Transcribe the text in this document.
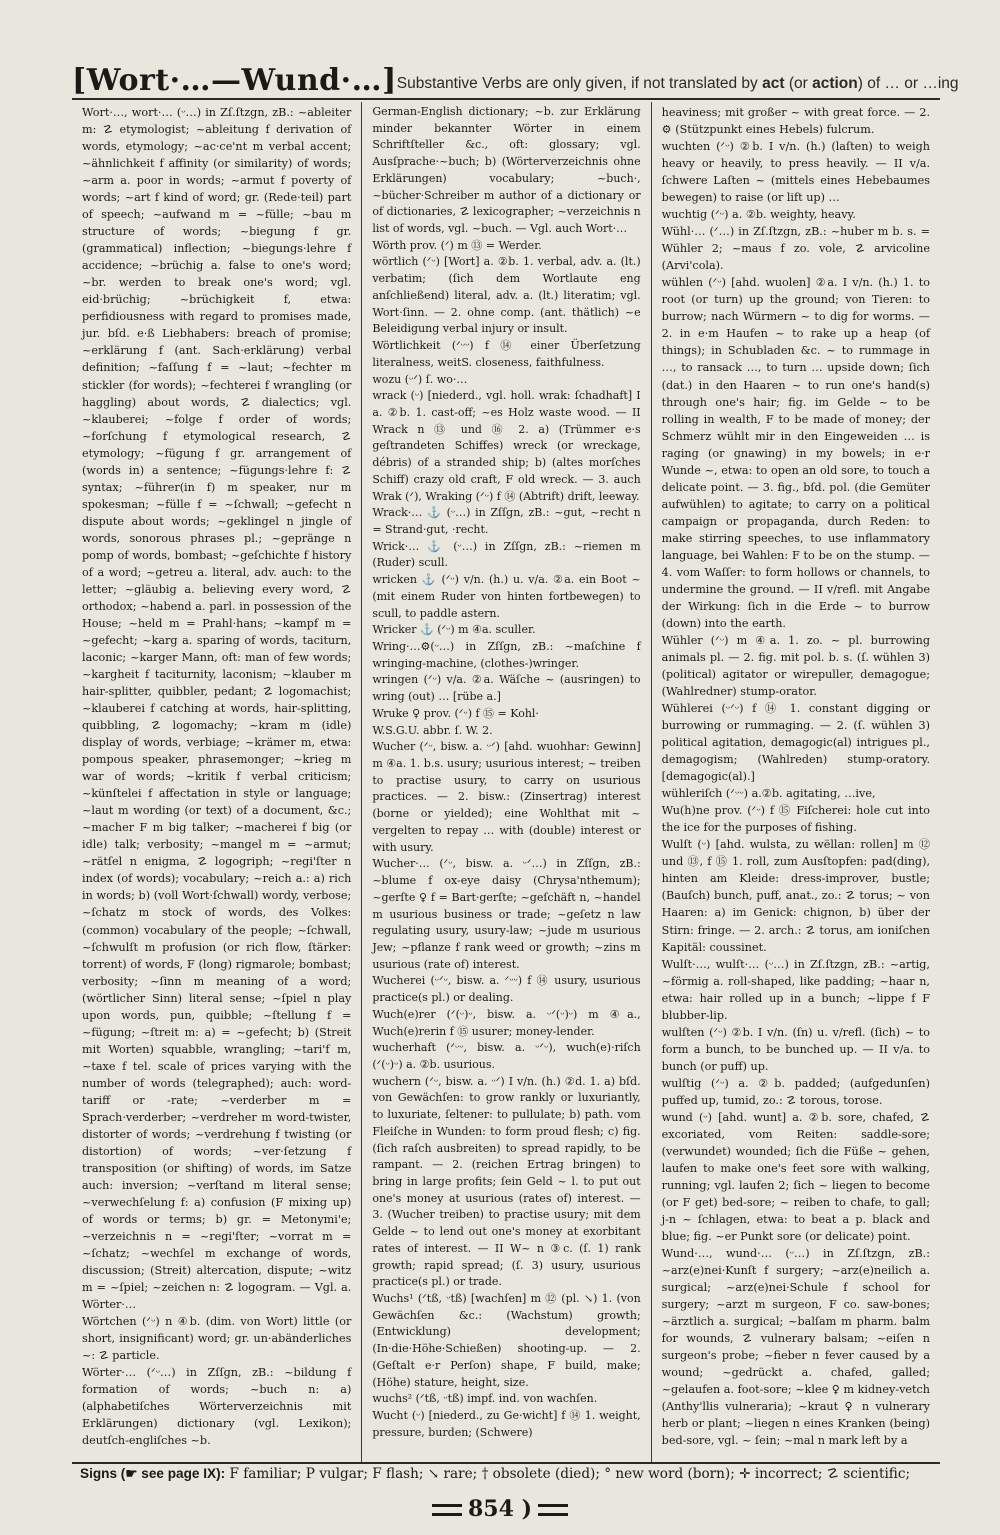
[Wort·…—Wund·…] Substantive Verbs are only given, if not translated by act (or action) of … or …ing

Wort·…, wort·… (ᵕ…) in Zſ.ſtzgn, zB.: ~ableiter m: ☡ etymologist; ~ableitung f derivation of words, etymology; ~ac·ce'nt m verbal accent; ~ähnlichkeit f affinity (or similarity) of words; ~arm a. poor in words; ~armut f poverty of words; ~art f kind of word; gr. (Rede·teil) part of speech; ~aufwand m = ~fülle; ~bau m structure of words; ~biegung f gr. (grammatical) inflection; ~biegungs·lehre f accidence; ~brüchig a. false to one's word; ~br. werden to break one's word; vgl. eid·brüchig; ~brüchigkeit f, etwa: perfidiousness with regard to promises made, jur. bſd. e·ß Liebhabers: breach of promise; ~erklärung f (ant. Sach·erklärung) verbal definition; ~faſſung f = ~laut; ~fechter m stickler (for words); ~fechterei f wrangling (or haggling) about words, ☡ dialectics; vgl. ~klauberei; ~folge f order of words; ~forſchung f etymological research, ☡ etymology; ~fügung f gr. arrangement of (words in) a sentence; ~fügungs·lehre f: ☡ syntax; ~führer(in f) m speaker, nur m spokesman; ~fülle f = ~ſchwall; ~gefecht n dispute about words; ~geklingel n jingle of words, sonorous phrases pl.; ~gepränge n pomp of words, bombast; ~geſchichte f history of a word; ~getreu a. literal, adv. auch: to the letter; ~gläubig a. believing every word, ☡ orthodox; ~habend a. parl. in possession of the House; ~held m = Prahl·hans; ~kampf m = ~gefecht; ~karg a. sparing of words, taciturn, laconic; ~karger Mann, oft: man of few words; ~kargheit f taciturnity, laconism; ~klauber m hair-splitter, quibbler, pedant; ☡ logomachist; ~klauberei f catching at words, hair-splitting, quibbling, ☡ logomachy; ~kram m (idle) display of words, verbiage; ~krämer m, etwa: pompous speaker, phrasemonger; ~krieg m war of words; ~kritik f verbal criticism; ~künſtelei f affectation in style or language; ~laut m wording (or text) of a document, &c.; ~macher F m big talker; ~macherei f big (or idle) talk; verbosity; ~mangel m = ~armut; ~rätſel n enigma, ☡ logogriph; ~regi'ſter n index (of words); vocabulary; ~reich a.: a) rich in words; b) (voll Wort·ſchwall) wordy, verbose; ~ſchatz m stock of words, des Volkes: (common) vocabulary of the people; ~ſchwall, ~ſchwulſt m profusion (or rich flow, ſtärker: torrent) of words, F (long) rigmarole; bombast; verbosity; ~ſinn m meaning of a word; (wörtlicher Sinn) literal sense; ~ſpiel n play upon words, pun, quibble; ~ſtellung f = ~fügung; ~ſtreit m: a) = ~gefecht; b) (Streit mit Worten) squabble, wrangling; ~tari'f m, ~taxe f tel. scale of prices varying with the number of words (telegraphed); auch: word-tariff or -rate; ~verderber m = Sprach·verderber; ~verdreher m word-twister, distorter of words; ~verdrehung f twisting (or distortion) of words; ~ver·ſetzung f transposition (or shifting) of words, im Satze auch: inversion; ~verſtand m literal sense; ~verwechſelung f: a) confusion (F mixing up) of words or terms; b) gr. = Metonymi'e; ~verzeichnis n = ~regi'ſter; ~vorrat m = ~ſchatz; ~wechſel m exchange of words, discussion; (Streit) altercation, dispute; ~witz m = ~ſpiel; ~zeichen n: ☡ logogram. — Vgl. a. Wörter·…

Wörtchen (ᐟᵕ) n ④b. (dim. von Wort) little (or short, insignificant) word; gr. un·abänderliches ~: ☡ particle.

Wörter·… (ᐟᵕ…) in Zſſgn, zB.: ~bildung f formation of words; ~buch n: a) (alphabetiſches Wörterverzeichnis mit Erklärungen) dictionary (vgl. Lexikon); deutſch-engliſches ~b.

German-English dictionary; ~b. zur Erklärung minder bekannter Wörter in einem Schriftſteller &c., oft: glossary; vgl. Ausſprache·~buch; b) (Wörterverzeichnis ohne Erklärungen) vocabulary; ~buch·, ~bücher·Schreiber m author of a dictionary or of dictionaries, ☡ lexicographer; ~verzeichnis n list of words, vgl. ~buch. — Vgl. auch Wort·…

Wörth prov. (ᐟ) m ⑬ = Werder.

wörtlich (ᐟᵕ) [Wort] a. ②b. 1. verbal, adv. a. (lt.) verbatim; (ſich dem Wortlaute eng anſchließend) literal, adv. a. (lt.) literatim; vgl. Wort·ſinn. — 2. ohne comp. (ant. thätlich) ~e Beleidigung verbal injury or insult.

Wörtlichkeit (ᐟᵕᵕ) f ⑭ einer Überſetzung literalness, weitS. closeness, faithfulness.

wozu (ᵕᐟ) ſ. wo·…

wrack (ᵕ) [niederd., vgl. holl. wrak: ſchadhaft] I a. ②b. 1. cast-off; ~es Holz waste wood. — II Wrack n ⑬ und ⑯ 2. a) (Trümmer e·s geſtrandeten Schiffes) wreck (or wreckage, débris) of a stranded ship; b) (altes morſches Schiff) crazy old craft, F old wreck. — 3. auch Wrak (ᐟ), Wraking (ᐟᵕ) f ⑭ (Abtrift) drift, leeway.

Wrack·… ⚓ (ᵕ…) in Zſſgn, zB.: ~gut, ~recht n = Strand·gut, ·recht.

Wrick·… ⚓ (ᵕ…) in Zſſgn, zB.: ~riemen m (Ruder) scull.

wricken ⚓ (ᐟᵕ) v/n. (h.) u. v/a. ②a. ein Boot ~ (mit einem Ruder von hinten fortbewegen) to scull, to paddle astern.

Wricker ⚓ (ᐟᵕ) m ④a. sculler.

Wring·…⚙(ᵕ…) in Zſſgn, zB.: ~maſchine f wringing-machine, (clothes-)wringer.

wringen (ᐟᵕ) v/a. ②a. Wäſche ~ (ausringen) to wring (out) … [rübe a.]

Wruke ♀ prov. (ᐟᵕ) f ⑮ = Kohl·

W.S.G.U. abbr. ſ. W. 2.

Wucher (ᐟᵕ, bisw. a. ᵕᐟ) [ahd. wuohhar: Gewinn] m ④a. 1. b.s. usury; usurious interest; ~ treiben to practise usury, to carry on usurious practices. — 2. bisw.: (Zinsertrag) interest (borne or yielded); eine Wohlthat mit ~ vergelten to repay … with (double) interest or with usury.

Wucher·… (ᐟᵕ, bisw. a. ᵕᐟ…) in Zſſgn, zB.: ~blume f ox-eye daisy (Chrysa'nthemum); ~gerſte ♀ f = Bart·gerſte; ~geſchäft n, ~handel m usurious business or trade; ~geſetz n law regulating usury, usury-law; ~jude m usurious Jew; ~pflanze f rank weed or growth; ~zins m usurious (rate of) interest.

Wucherei (ᵕᐟᵕ, bisw. a. ᐟᵕᵕ) f ⑭ usury, usurious practice(s pl.) or dealing.

Wuch(e)rer (ᐟ(ᵕ)ᵕ, bisw. a. ᵕᐟ(ᵕ)ᵕ) m ④a., Wuch(e)rerin f ⑮ usurer; money-lender.

wucherhaft (ᐟᵕᵕ, bisw. a. ᵕᐟᵕ), wuch(e)·riſch (ᐟ(ᵕ)ᵕ) a. ②b. usurious.

wuchern (ᐟᵕ, bisw. a. ᵕᐟ) I v/n. (h.) ②d. 1. a) bſd. von Gewächſen: to grow rankly or luxuriantly, to luxuriate, ſeltener: to pullulate; b) path. vom Fleiſche in Wunden: to form proud flesh; c) fig. (ſich raſch ausbreiten) to spread rapidly, to be rampant. — 2. (reichen Ertrag bringen) to bring in large profits; ſein Geld ~ l. to put out one's money at usurious (rates of) interest. — 3. (Wucher treiben) to practise usury; mit dem Gelde ~ to lend out one's money at exorbitant rates of interest. — II W~ n ③c. (ſ. 1) rank growth; rapid spread; (ſ. 3) usury, usurious practice(s pl.) or trade.

Wuchs¹ (ᐟtß, ᵕtß) [wachſen] m ⑫ (pl. ↘) 1. (von Gewächſen &c.: (Wachstum) growth; (Entwicklung) development; (In·die·Höhe·Schießen) shooting-up. — 2. (Geſtalt e·r Perſon) shape, F build, make; (Höhe) stature, height, size.

wuchs² (ᐟtß, ᵕtß) impf. ind. von wachſen.

Wucht (ᵕ) [niederd., zu Ge·wicht] f ⑭ 1. weight, pressure, burden; (Schwere)

heaviness; mit großer ~ with great force. — 2. ⚙ (Stützpunkt eines Hebels) fulcrum.

wuchten (ᐟᵕ) ②b. I v/n. (h.) (laſten) to weigh heavy or heavily, to press heavily. — II v/a. ſchwere Laſten ~ (mittels eines Hebebaumes bewegen) to raise (or lift up) …

wuchtig (ᐟᵕ) a. ②b. weighty, heavy.

Wühl·… (ᐟ…) in Zſ.ſtzgn, zB.: ~huber m b. s. = Wühler 2; ~maus f zo. vole, ☡ arvicoline (Arvi'cola).

wühlen (ᐟᵕ) [ahd. wuolen] ②a. I v/n. (h.) 1. to root (or turn) up the ground; von Tieren: to burrow; nach Würmern ~ to dig for worms. — 2. in e·m Haufen ~ to rake up a heap (of things); in Schubladen &c. ~ to rummage in …, to ransack …, to turn … upside down; ſich (dat.) in den Haaren ~ to run one's hand(s) through one's hair; fig. im Gelde ~ to be rolling in wealth, F to be made of money; der Schmerz wühlt mir in den Eingeweiden … is raging (or gnawing) in my bowels; in e·r Wunde ~, etwa: to open an old sore, to touch a delicate point. — 3. fig., bſd. pol. (die Gemüter aufwühlen) to agitate; to carry on a political campaign or propaganda, durch Reden: to make stirring speeches, to use inflammatory language, bei Wahlen: F to be on the stump. — 4. vom Waſſer: to form hollows or channels, to undermine the ground. — II v/refl. mit Angabe der Wirkung: ſich in die Erde ~ to burrow (down) into the earth.

Wühler (ᐟᵕ) m ④a. 1. zo. ~ pl. burrowing animals pl. — 2. fig. mit pol. b. s. (ſ. wühlen 3) (political) agitator or wirepuller, demagogue; (Wahlredner) stump-orator.

Wühlerei (ᵕᐟᵕ) f ⑭ 1. constant digging or burrowing or rummaging. — 2. (ſ. wühlen 3) political agitation, demagogic(al) intrigues pl., demagogism; (Wahlreden) stump-oratory. [demagogic(al).]

wühleriſch (ᐟᵕᵕ) a.②b. agitating, …ive,

Wu(h)ne prov. (ᐟᵕ) f ⑮ Fiſcherei: hole cut into the ice for the purposes of fishing.

Wulſt (ᵕ) [ahd. wulsta, zu wëllan: rollen] m ⑫ und ⑬, f ⑮ 1. roll, zum Ausſtopfen: pad(ding), hinten am Kleide: dress-improver, bustle; (Bauſch) bunch, puff, anat., zo.: ☡ torus; ~ von Haaren: a) im Genick: chignon, b) über der Stirn: fringe. — 2. arch.: ☡ torus, am ioniſchen Kapitäl: coussinet.

Wulſt·…, wulſt·… (ᵕ…) in Zſ.ſtzgn, zB.: ~artig, ~förmig a. roll-shaped, like padding; ~haar n, etwa: hair rolled up in a bunch; ~lippe f F blubber-lip.

wulſten (ᐟᵕ) ②b. I v/n. (ſn) u. v/refl. (ſich) ~ to form a bunch, to be bunched up. — II v/a. to bunch (or puff) up.

wulſtig (ᐟᵕ) a. ②b. padded; (aufgedunſen) puffed up, tumid, zo.: ☡ torous, torose.

wund (ᵕ) [ahd. wunt] a. ②b. sore, chafed, ☡ excoriated, vom Reiten: saddle-sore; (verwundet) wounded; ſich die Füße ~ gehen, laufen to make one's feet sore with walking, running; vgl. laufen 2; ſich ~ liegen to become (or F get) bed-sore; ~ reiben to chafe, to gall; j-n ~ ſchlagen, etwa: to beat a p. black and blue; fig. ~er Punkt sore (or delicate) point.

Wund·…, wund·… (ᵕ…) in Zſ.ſtzgn, zB.: ~arz(e)nei·Kunſt f surgery; ~arz(e)neilich a. surgical; ~arz(e)nei·Schule f school for surgery; ~arzt m surgeon, F co. saw-bones; ~ärztlich a. surgical; ~balſam m pharm. balm for wounds, ☡ vulnerary balsam; ~eiſen n surgeon's probe; ~fieber n fever caused by a wound; ~gedrückt a. chafed, galled; ~gelaufen a. foot-sore; ~klee ♀ m kidney-vetch (Anthy'llis vulneraria); ~kraut ♀ n vulnerary herb or plant; ~liegen n eines Kranken (being) bed-sore, vgl. ~ ſein; ~mal n mark left by a

Signs (☛ see page IX): F familiar; P vulgar; F flash; ↘ rare; † obsolete (died); ° new word (born); ✛ incorrect; ☡ scientific;
854 )
